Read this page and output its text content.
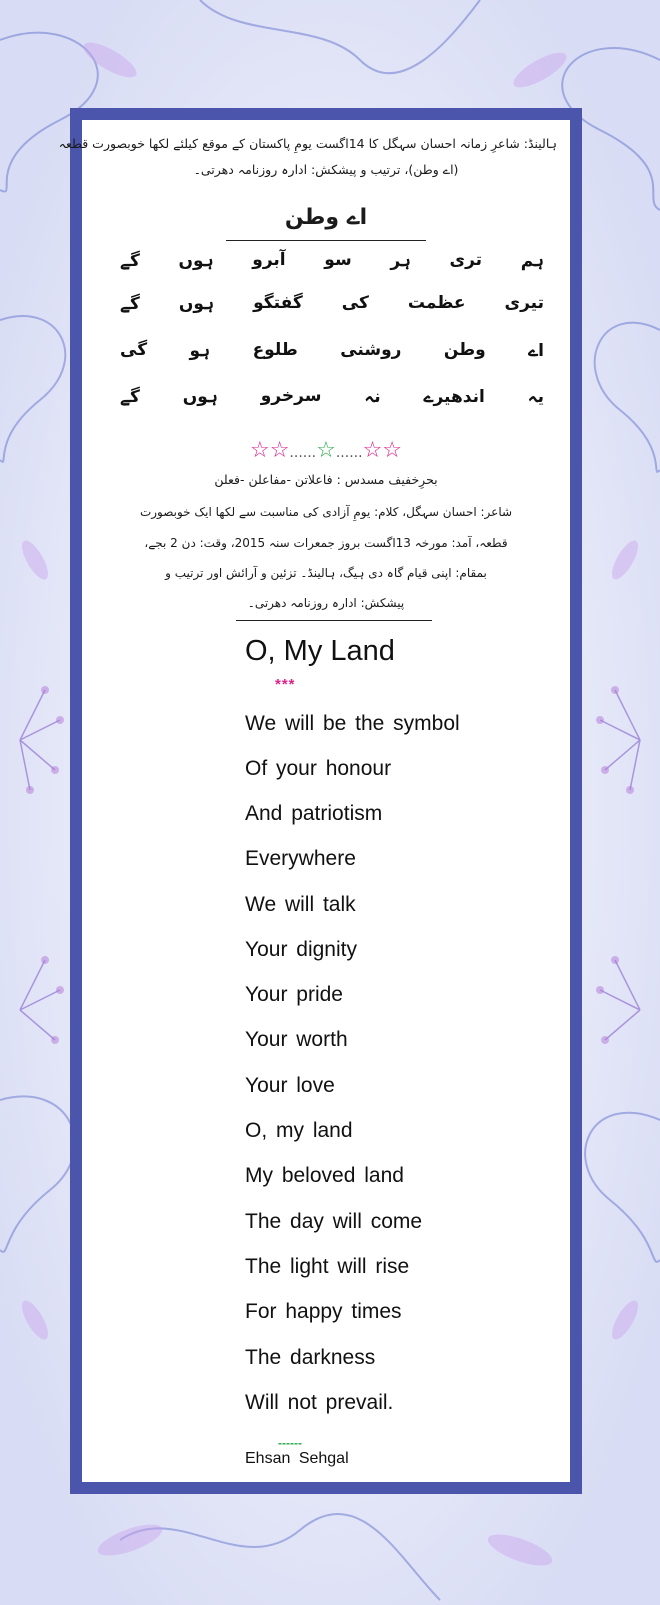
ہالینڈ: شاعرِ زمانہ احسان سہگل کا 14اگست یومِ پاکستان کے موقع کیلئے لکھا خوبصورت قطعہ
(اے وطن)، ترتیب و پیشکش: ادارہ روزنامہ دھرتی۔
اے وطن
ہم
تری
ہر
سو
آبرو
ہوں
گے
تیری
عظمت
کی
گفتگو
ہوں
گے
اے
وطن
روشنی
طلوع
ہو
گی
یہ
اندھیرے
نہ
سرخرو
ہوں
گے
☆☆......☆......☆☆
بحرِخفیف مسدس : فاعلاتن -مفاعلن -فعلن
شاعر: احسان سہگل، کلام: یومِ آزادی کی مناسبت سے لکھا ایک خوبصورت
قطعہ، آمد: مورخہ 13اگست بروز جمعرات سنہ 2015، وقت: دن 2 بجے،
بمقام: اپنی قیام گاہ دی ہیگ، ہالینڈ۔ تزئین و آرائش اور ترتیب و
پیشکش: ادارہ روزنامہ دھرتی۔
O, My Land
***
We will be the symbol
Of your honour
And patriotism
Everywhere
We will talk
Your dignity
Your pride
Your worth
Your love
O, my land
My beloved land
The day will come
The light will rise
For happy times
The darkness
Will not prevail.
------
Ehsan Sehgal
